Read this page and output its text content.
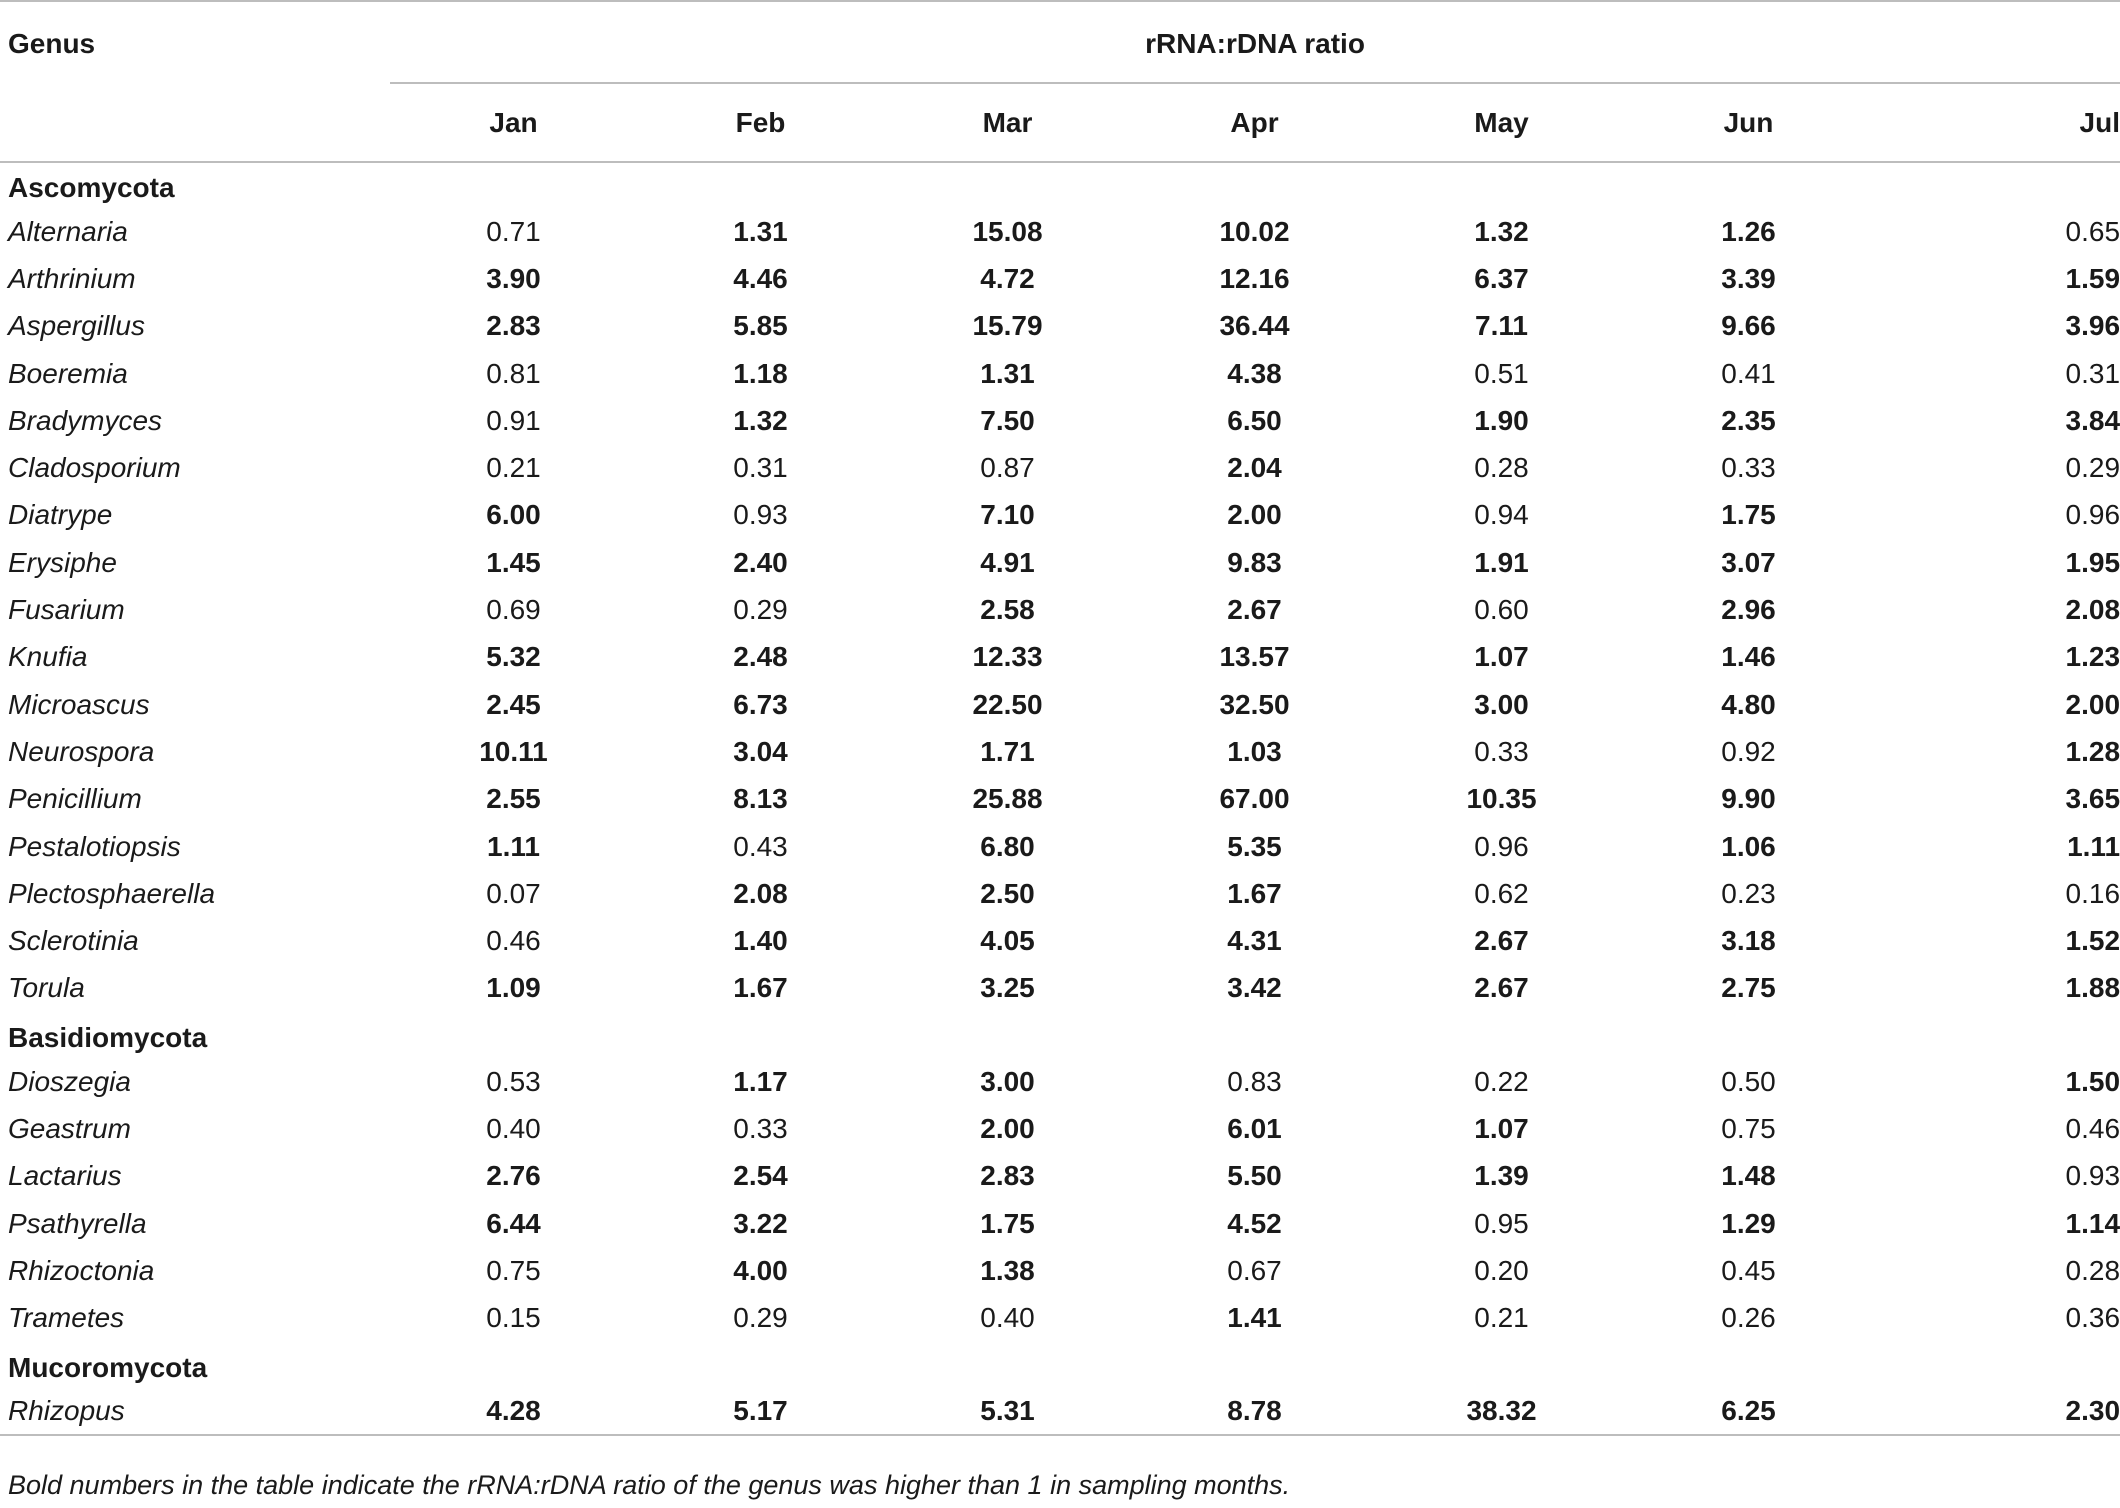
Genus	rRNA:rDNA ratio						
	Jan	Feb	Mar	Apr	May	Jun	Jul
Ascomycota							
Alternaria	0.71	1.31	15.08	10.02	1.32	1.26	0.65
Arthrinium	3.90	4.46	4.72	12.16	6.37	3.39	1.59
Aspergillus	2.83	5.85	15.79	36.44	7.11	9.66	3.96
Boeremia	0.81	1.18	1.31	4.38	0.51	0.41	0.31
Bradymyces	0.91	1.32	7.50	6.50	1.90	2.35	3.84
Cladosporium	0.21	0.31	0.87	2.04	0.28	0.33	0.29
Diatrype	6.00	0.93	7.10	2.00	0.94	1.75	0.96
Erysiphe	1.45	2.40	4.91	9.83	1.91	3.07	1.95
Fusarium	0.69	0.29	2.58	2.67	0.60	2.96	2.08
Knufia	5.32	2.48	12.33	13.57	1.07	1.46	1.23
Microascus	2.45	6.73	22.50	32.50	3.00	4.80	2.00
Neurospora	10.11	3.04	1.71	1.03	0.33	0.92	1.28
Penicillium	2.55	8.13	25.88	67.00	10.35	9.90	3.65
Pestalotiopsis	1.11	0.43	6.80	5.35	0.96	1.06	1.11
Plectosphaerella	0.07	2.08	2.50	1.67	0.62	0.23	0.16
Sclerotinia	0.46	1.40	4.05	4.31	2.67	3.18	1.52
Torula	1.09	1.67	3.25	3.42	2.67	2.75	1.88
Basidiomycota							
Dioszegia	0.53	1.17	3.00	0.83	0.22	0.50	1.50
Geastrum	0.40	0.33	2.00	6.01	1.07	0.75	0.46
Lactarius	2.76	2.54	2.83	5.50	1.39	1.48	0.93
Psathyrella	6.44	3.22	1.75	4.52	0.95	1.29	1.14
Rhizoctonia	0.75	4.00	1.38	0.67	0.20	0.45	0.28
Trametes	0.15	0.29	0.40	1.41	0.21	0.26	0.36
Mucoromycota							
Rhizopus	4.28	5.17	5.31	8.78	38.32	6.25	2.30
Bold numbers in the table indicate the rRNA:rDNA ratio of the genus was higher than 1 in sampling months.
